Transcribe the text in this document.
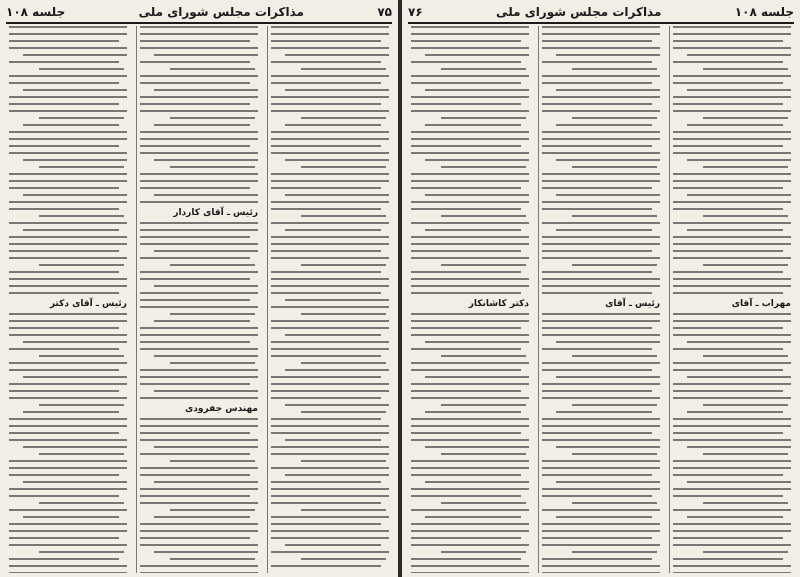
۷۵
مذاکرات مجلس شورای ملی
جلسه ۱۰۸
رئیس ـ آقای کاردار
مهندس جفرودی
رئیس ـ آقای دکتر
جلسه ۱۰۸
مذاکرات مجلس شورای ملی
۷۶
مهراب ـ آقای
رئیس ـ آقای
دکتر کاشانکار
